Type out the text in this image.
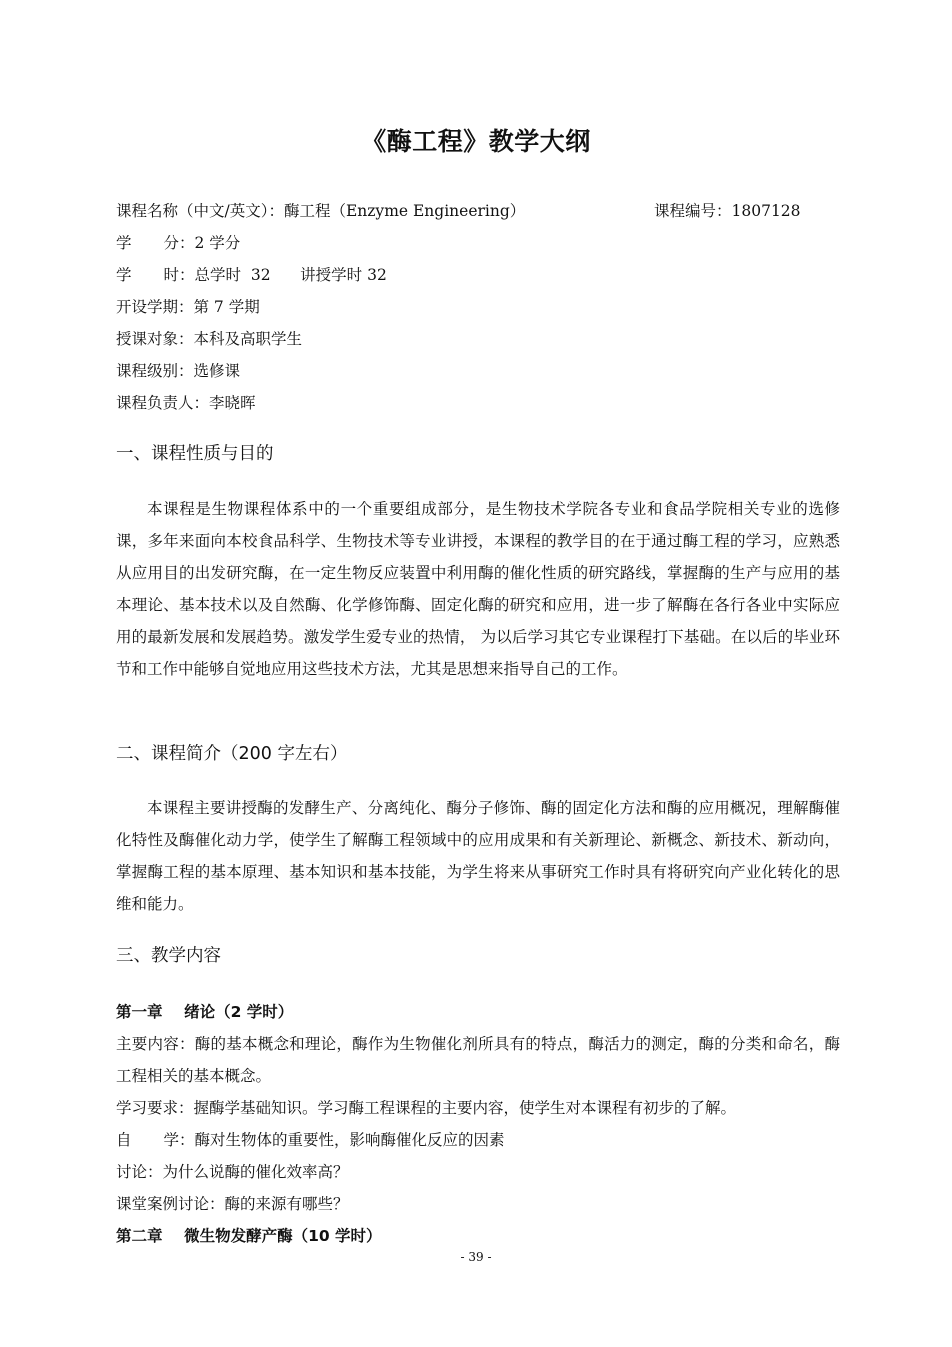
《酶工程》教学大纲
课程名称（中文/英文）：酶工程（Enzyme Engineering）	课程编号：1807128
学 分：2 学分
学 时：总学时  32      讲授学时 32
开设学期：第 7 学期
授课对象：本科及高职学生
课程级别：选修课
课程负责人：李晓晖
一、课程性质与目的

本课程是生物课程体系中的一个重要组成部分，是生物技术学院各专业和食品学院相关专业的选修课，多年来面向本校食品科学、生物技术等专业讲授，本课程的教学目的在于通过酶工程的学习，应熟悉从应用目的出发研究酶，在一定生物反应装置中利用酶的催化性质的研究路线，掌握酶的生产与应用的基本理论、基本技术以及自然酶、化学修饰酶、固定化酶的研究和应用，进一步了解酶在各行各业中实际应用的最新发展和发展趋势。激发学生爱专业的热情， 为以后学习其它专业课程打下基础。在以后的毕业环节和工作中能够自觉地应用这些技术方法，尤其是思想来指导自己的工作。

二、课程简介（200 字左右）

本课程主要讲授酶的发酵生产、分离纯化、酶分子修饰、酶的固定化方法和酶的应用概况，理解酶催化特性及酶催化动力学，使学生了解酶工程领域中的应用成果和有关新理论、新概念、新技术、新动向，掌握酶工程的基本原理、基本知识和基本技能，为学生将来从事研究工作时具有将研究向产业化转化的思维和能力。

三、教学内容
第一章    绪论（2 学时）
主要内容：酶的基本概念和理论，酶作为生物催化剂所具有的特点，酶活力的测定，酶的分类和命名，酶工程相关的基本概念。
学习要求：握酶学基础知识。学习酶工程课程的主要内容，使学生对本课程有初步的了解。
自 学：酶对生物体的重要性，影响酶催化反应的因素
讨论：为什么说酶的催化效率高？
课堂案例讨论：酶的来源有哪些？
第二章    微生物发酵产酶（10 学时）
- 39 -
